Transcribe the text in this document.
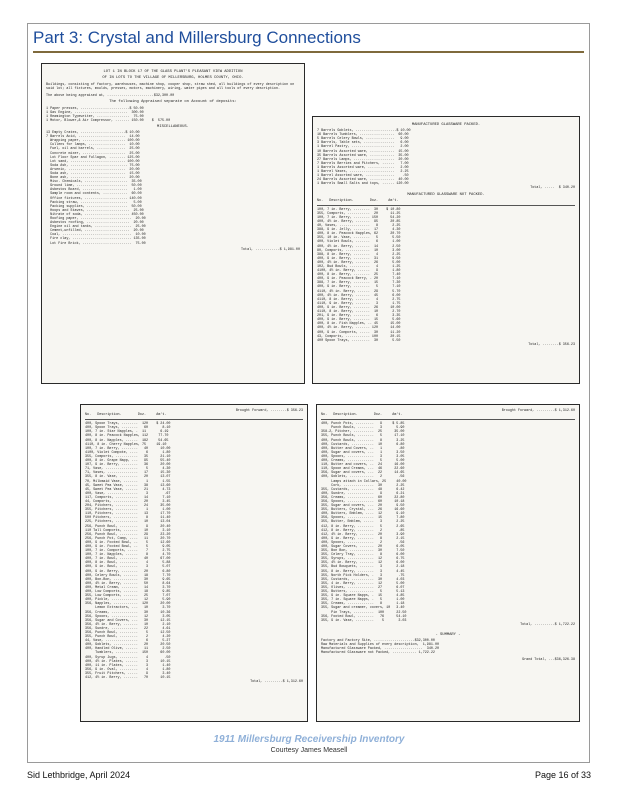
Part 3: Crystal and Millersburg Connections

LOT 1 IN BLOCK 17 OF THE GLASS PLANT'S PLEASANT VIEW ADDITION

OF IN LOTS TO THE VILLAGE OF MILLERSBURG, HOLMES COUNTY, OHIO.

Buildings, consisting of factory, warehouses, machine shop, cooper shop, straw shed, all buildings of every description on said lot; all fixtures, moulds, presses, motors, machinery, wiring, water pipes and all tools of every description.

The above being appraised at, .......................$32,300.00

The following Appraised separate on Account of deposits:

1 Paper presses, ........................$ 50.00

1 Gas Engine, ..........................  300.00

1 Reamington Typewriter, ................  75.00

1 Motor, Blower,& Air Compressor, ....... 150.00    $  575.00

MISCELLANEOUS.

13 Empty Crates, ......................$ 10.00

7 Barrels Acid, .......................  14.00

Wrapping paper, ..................... 100.00

Cullens for lamps, ..................  10.00

Fuel, oil and barrels, ..............  25.00

Concrete mixer, .....................  25.00

Lot Floor Spar and Fullagon, ........ 125.00

Lot sand, ........................... 100.00

Soda Ash, ............................ 75.00

Arsenic, ............................  20.00

Soda ash, ...........................  15.00

Bone ash, ...........................  20.00

Misc. Chemicals, .....................  35.00

Ground lime, .........................  50.00

Asbestos Board, ......................   1.00

Sample room and contents, ............  60.00

Office fixtures, ..................... 140.00

Packing straw, .......................   5.00

Packing supplies, ....................  50.00

Hoops and Staves, .....................  25.00

Nitrate of soda, ...................... 450.00

Roofing paper, .........................  20.00

Asbestos roofing, .....................  20.00

Engine oil and tanks, ..................  25.00

Cement,unfilled, ......................  20.00

Coal, ..................................  10.00

Fire clay, ............................. 135.00

Lot Fire Brick, ........................  75.00

Total, ............$ 1,981.00

MANUFACTURED GLASSWARE PACKED.

7 Barrels Goblets, ....................$ 10.00

16 Barrels Tumblers, .................  60.00

5 Barrels Celery Bowls, ..............   9.00

3 Barrels, Table sets, ...............   6.00

1 Barrel Pastry, .....................   2.00

10 Barrels Assorted ware, ............  15.00

35 Barrels Assorted ware, ............  35.00

27 Barrels Lamps, ....................  20.00

7 Barrels Berries and Pitchers, ......   7.00

1 Barrels Assorted ware, .............   2.00

1 Barrel Vases, ......................   2.25

1 Barrel Assorted ware, ..............    .50

24 Barrels Assorted ware, ............  40.00

1 Barrels Small Salts and tops, ...... 120.00

Total, .....  $ 340.20

MANUFACTURED GLASSWARE NOT PACKED.

No.   Description.        Doz.     Am't.

100, 7 in. Berry, ........  30    $ 10.80

355, Comports, ...........  20      11.25

100, 7 in. Berry, ........ 150      54.20

400, 4½ in. Berry, .......  95      20.85

40, Vases, ...............   8       2.25

388, 9 in. Jelly, ........  17       4.30

400, 8 in. Peacock Napples, 62      20.70

355, 10 in. Vase, ........   5       5.50

400, Violet Bowls, .......   6       1.00

400, 4½ in. Berry, .......  14       2.50

80, Comports, ............  10       3.00

388, 8 in. Berry, ........   4       2.25

400, 9 in. Berry, ........  31       9.50

400, 4½ in. Berry, .......  26       5.00

102, Bud Bowls, ..........   4       1.25

4100, 4½ in. Berry, ......   9       1.80

400, 8 in. Berry, ........  25       7.40

400, 9 in. Peacock Berry, . 20       7.10

388, 7 in. Berry, ........  15       7.30

400, 9 in. Berry, ........   5       7.10

4110, 4½ in. Berry, ......  29       5.70

400, 4½ in. Berry, .......  45       6.00

4110, 8 in. Berry, .......   4       2.75

4110, 9 in. Berry, .......   3       1.75

400, 9 in. Berry, ........  26      10.00

4110, 8 in. Berry, .......  10       2.70

201, 9 in. Berry, ........   6       3.35

400, 9 in. Berry, ........  15       5.60

400, 8 in. Fish Napples, .. 45      15.00

400, 4½ in. Berry, ....... 120      14.00

400, 9 in. Comports, .....  30      11.20

43, Comports, ............ 100      20.15

400 Spoon Trays, .........  30       5.50

Total, ........$ 356.23

Brought Forward, ........$ 356.23

No.   Description.        Doz.     Am't.

400, Spoon Trays, ........  120    $ 24.00

400, Spoon Trays, ........   60       8.10

100, 7 in. Star Napples, .  11       6.19

400, 8 in. Peacock Napples, 112     77.70

400, 8 in. Napples, ......  182     54.65

4110, 8 in. Cherry Napples, 75     19.10

100, 7 in. Berry, ........   40      10.00

4100, Violet Compote, ....    6       1.80

355, Comports, ...........   35      21.10

400, 8 in. Grape Napp, ...   95      55.40

107, 9 in. Berry, ........   36      20.00

71, Vase, ................    5       4.30

71, Vases, ...............   17      15.30

355, 8 in. Vase, .........   20      13.07

70, Milkmaid Vase, .......    1       1.55

45, Sweet Pea Vase, ......   38      13.60

45, Sweet Pea Vase, ......   21       4.73

400, Vase, ...............    3        .67

117, Comports, ...........   14       7.10

44, Comports, ............   20       3.45

204, Pitchers, ...........   24      35.00

355, Pitchers, ...........    1       1.00

110, Pitchers, ...........   13      17.70

500 Pitchers, ............    8      11.40

225, Pitchers, ...........   10      13.04

256, Punch Bowl, .........    9      20.40

110 Tall Comports, .......   10       3.10

256, Punch Bowl, .........   29      23.20

256, Punch Pot, Comp, ....   11      20.70

400, 9 in. Footed Bowl, ..    5      12.60

400, 9 in. Footed Bowl, ..    5       9.05

100, 7 in. Comports, .....    7       2.75

100, 7 in. Napples, ......    8       4.70

400, 7 in. Bowl, .........   40      67.00

400, 8 in. Bowl, .........    4       5.88

400, 9 in. Bowl, .........    3       5.07

400, 9 in. Berry, ........   20       6.80

400, Celery Bowls, .......   18       7.70

400, Bon-Bon, ............   30       9.65

400, 4½ in. Berry, .......   50       8.64

400, Metal Cream, ........   14       3.70

400, Low Comports, .......   18       9.85

355, Low Comports, .......   25       7.07

400, Pickle, .............   12       5.90

356, Napples, ............  120      20.00

Lemon Extractors, ...   10       3.70

356, Creams, .............   30      10.36

356, Spoons, .............   12       3.05

356, Sugar and Covers, ...   30      12.15

356, 4½ in. Berry, .......   10       2.10

356, Sundre, .............   22       4.61

356, Punch Bowl, .........    5      12.50

355, Punch Bowl, .........    2       4.20

44, Vase, ................    6       5.27

400, Goblets, ............   20      20.50

400, Handled Olive, ......   11       2.50

Tumblers, ...........  150      60.00

400, Syrup Jugs, .........    4        .50

400, 4½ in. Plates, ......    3      10.15

400, 11 in. Plates, ......    3       1.40

356, 9 in. Oval, .........    4       1.80

355, Fruit Pitchers, .....    9       3.40

412, 4½ in. Berry, .......   70      10.15

Total, .........$ 1,312.60

Brought Forward, .........$ 1,312.60

No.   Description.        Doz.     Am't.

400, Punch Pots, .........   9     $ 5.85

Punch Bowls, ........   3       5.90

358-2, Pitcher, ..........  25      35.00

355, Punch Bowls, ........   5      17.10

400, Punch Bowls, ........   8       3.25

400, Custards, ...........  10       6.80

400, Butter and Covers, ..   1        .80

400, Sugar and covers, ...   1       3.50

400, Spoons, .............   3       3.05

400, Creams, .............   5       5.00

110, Butter and covers, ..  24      16.00

110, Spoon and Creams, ...  46      22.60

356, Sugar and covers, ...  22      14.65

400, Goblets, ............   2        .56

Lamps attach in Collars, 25     40.00

Cork, ...............  30       2.25

355, Custards, ...........  48       6.42

400, Sundre, .............   9       6.21

356, Creams, .............  60      22.80

356, Spoons, .............  60      10.18

355, Sugar and covers, ...  20       9.50

355, Butters, Crystal, ...  26      16.60

400, Butters, Emblem, ....  12       9.10

356, Spoons, .............  15       7.80

355, Butter, Emblem, .....   3       2.25

412, 8 in. Berry, ........   5       2.65

412, 8 in. Berry, ........   2        .85

412, 4½ in. Berry, .......  20       3.90

400, 9 in. Berry, ........   8       2.15

400, Spoons, .............   2        .56

400, Sugar Covers, .......  20       6.05

355, Bon Bon, ............  30       7.50

355, Celery Tray, ........   8       6.00

355, Syrups, .............  12       6.75

355, 4½ in. Berry, .......  12       6.00

355, Bud Bouquets, .......   3       2.18

355, 8 in. Berry, ........   3       4.45

355, North Pick Holders, .   3        .75

355, Custards, ...........  30       4.03

355, 4 in. Berry, ........  12       5.00

355, Olives, .............  27       6.07

355, Butters, ............   5       5.13

355, 9 in. Square Napps, .  15       4.85

355, 7 in. Square Napps, .   5       1.00

355, Creams, .............   8       1.18

355, Sugar and creamer, covers, 10   3.40

Pin Trays, ..........  100      22.50

356, Footed Bowl, ........   76      54.10

355, 9 in. Vase, .........    5       3.03

Total, ..........$ 1,722.22

- SUMMARY -

Factory and Factory Site, ....................$32,300.00

Raw Materials and Supplies of every description,  1,981.00

Manufactured Glassware Packed, ...................  340.20

Manufactured Glassware not Packed, ............ 1,722.22

Grand Total, ...$36,326.38

1911 Millersburg Receivership Inventory
Courtesy James Measell
Sid Lethbridge, April 2024	Page 16 of 33
